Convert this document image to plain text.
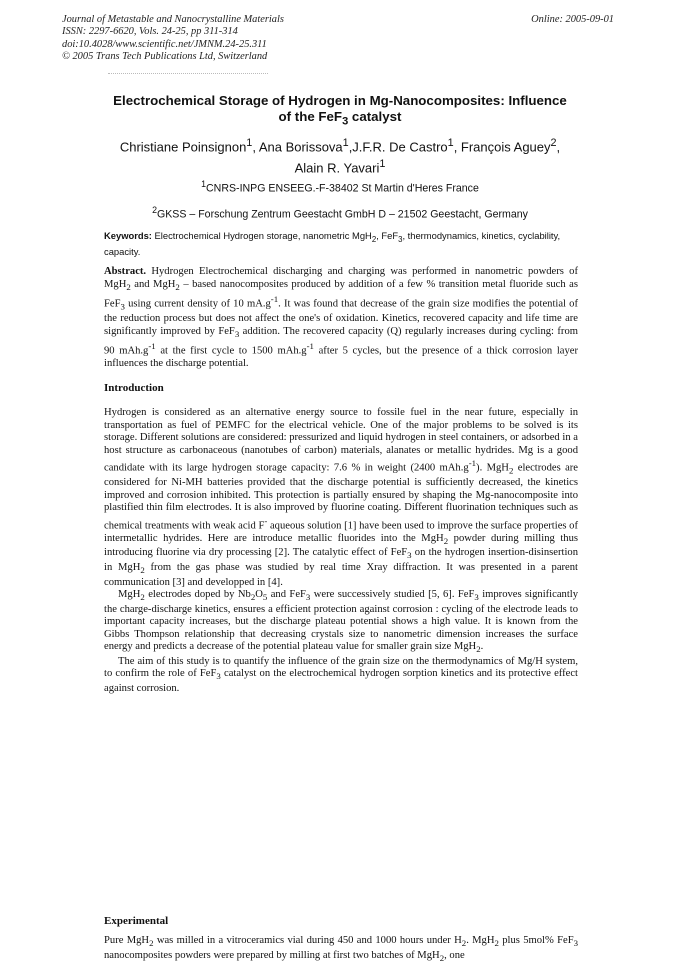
Journal of Metastable and Nanocrystalline Materials
ISSN: 2297-6620, Vols. 24-25, pp 311-314
doi:10.4028/www.scientific.net/JMNM.24-25.311
© 2005 Trans Tech Publications Ltd, Switzerland
Online: 2005-09-01
Electrochemical Storage of Hydrogen in Mg-Nanocomposites: Influence
of the FeF$_3$ catalyst
Christiane Poinsignon$^1$, Ana Borissova$^1$,J.F.R. De Castro$^1$, François Aguey$^2$,
Alain R. Yavari$^1$
$^1$CNRS-INPG ENSEEG.-F-38402 St Martin d'Heres France
$^2$GKSS – Forschung Zentrum Geestacht GmbH D – 21502 Geestacht, Germany
Keywords: Electrochemical Hydrogen storage, nanometric MgH$_2$, FeF$_3$, thermodynamics, kinetics, cyclability, capacity.
Abstract. Hydrogen Electrochemical discharging and charging was performed in nanometric powders of MgH$_2$ and MgH$_2$ – based nanocomposites produced by addition of a few % transition metal fluoride such as FeF$_3$ using current density of 10 $mA.g^{-1}$. It was found that decrease of the grain size modifies the potential of the reduction process but does not affect the one's of oxidation. Kinetics, recovered capacity and life time are significantly improved by FeF$_3$ addition. The recovered capacity (Q) regularly increases during cycling: from 90 $mAh.g^{-1}$ at the first cycle to 1500 $mAh.g^{-1}$ after 5 cycles, but the presence of a thick corrosion layer influences the discharge potential.
Introduction

Hydrogen is considered as an alternative energy source to fossile fuel in the near future, especially in transportation as fuel of PEMFC for the electrical vehicle. One of the major problems to be solved is its storage. Different solutions are considered: pressurized and liquid hydrogen in steel containers, or adsorbed in a host structure as carbonaceous (nanotubes of carbon) materials, alanates or metallic hydrides. Mg is a good candidate with its large hydrogen storage capacity: 7.6 % in weight (2400 $mAh.g^{-1}$). MgH$_2$ electrodes are considered for Ni-MH batteries provided that the discharge potential is sufficiently decreased, the kinetics improved and corrosion inhibited. This protection is partially ensured by shaping the Mg-nanocomposite into plastified thin film electrodes. It is also improved by fluorine coating. Different fluorination techniques such as chemical treatments with weak acid F- aqueous solution [1] have been used to improve the surface properties of intermetallic hydrides. Here are introduce metallic fluorides into the MgH$_2$ powder during milling thus introducing fluorine via dry processing [2]. The catalytic effect of FeF$_3$ on the hydrogen insertion-disinsertion in MgH$_2$ from the gas phase was studied by real time Xray diffraction. It was presented in a parent communication [3] and developped in [4].

MgH$_2$ electrodes doped by $Nb_2O_5$ and FeF$_3$ were successively studied [5, 6]. FeF$_3$ improves significantly the charge-discharge kinetics, ensures a efficient protection against corrosion : cycling of the electrode leads to important capacity increases, but the discharge plateau potential shows a high value. It is known from the Gibbs Thompson relationship that decreasing crystals size to nanometric dimension increases the surface energy and predicts a decrease of the potential plateau value for smaller grain size MgH$_2$.

The aim of this study is to quantify the influence of the grain size on the thermodynamics of Mg/H system, to confirm the role of FeF$_3$ catalyst on the electrochemical hydrogen sorption kinetics and its protective effect against corrosion.

Experimental

Pure MgH$_2$ was milled in a vitroceramics vial during 450 and 1000 hours under $H_2$. MgH$_2$ plus 5mol% FeF$_3$ nanocomposites powders were prepared by milling at first two batches of MgH$_2$, one
